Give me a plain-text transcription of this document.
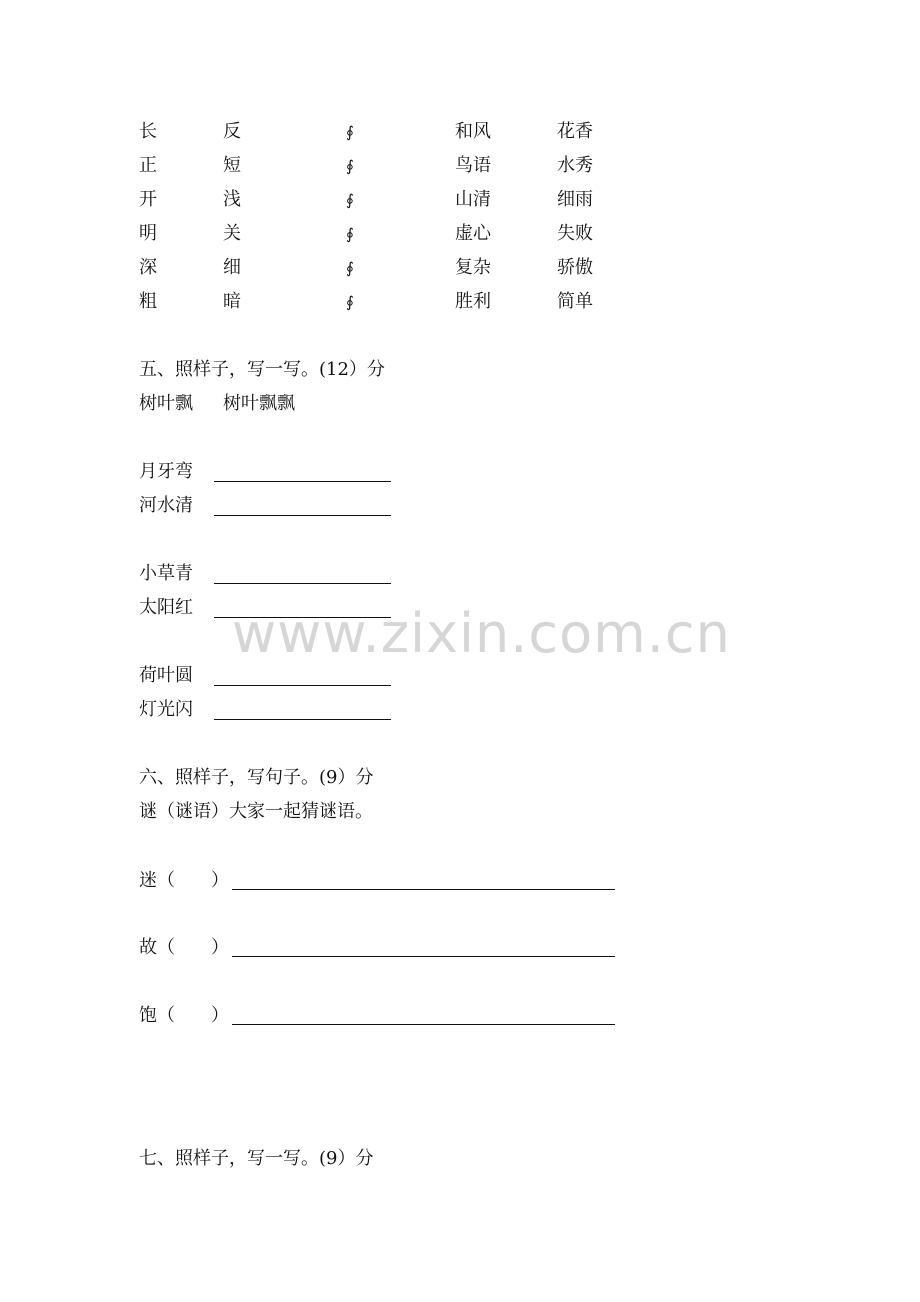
长	反	∮	和风	花香
正	短	∮	鸟语	水秀
开	浅	∮	山清	细雨
明	关	∮	虚心	失败
深	细	∮	复杂	骄傲
粗	暗	∮	胜利	简单
五、照样子，写一写。(12）分
树叶飘 树叶飘飘
月牙弯
河水清
小草青
太阳红
荷叶圆
灯光闪
六、照样子，写句子。(9）分
谜（谜语）大家一起猜谜语。
迷（　　）
故（　　）
饱（　　）
七、照样子，写一写。(9）分
www.zixin.com.cn
